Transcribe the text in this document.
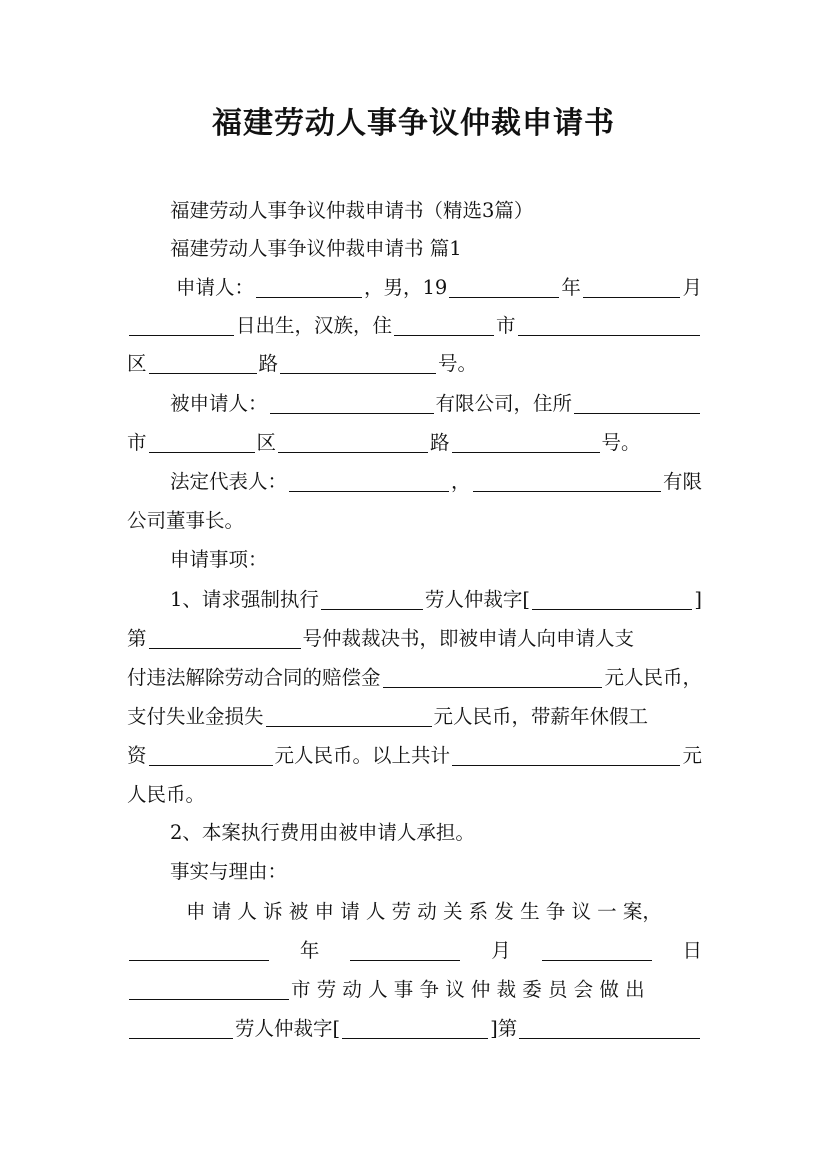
福建劳动人事争议仲裁申请书
福建劳动人事争议仲裁申请书（精选3篇）
福建劳动人事争议仲裁申请书 篇1
申请人：	，男，19	年	月
日出生，汉族，住	市
区	路	号。
被申请人：	有限公司，住所
市	区	路	号。
法定代表人：	，	有限
公司董事长。
申请事项：
1、请求强制执行	劳人仲裁字[	]
第	号仲裁裁决书，即被申请人向申请人支
付违法解除劳动合同的赔偿金	元人民币，
支付失业金损失	元人民币，带薪年休假工
资	元人民币。以上共计	元
人民币。
2、本案执行费用由被申请人承担。
事实与理由：
申 请 人 诉 被 申 请 人 劳 动 关 系 发 生 争 议 一 案，
年	月	日
市 劳 动 人 事 争 议 仲 裁 委 员 会 做 出
劳人仲裁字[	]第
